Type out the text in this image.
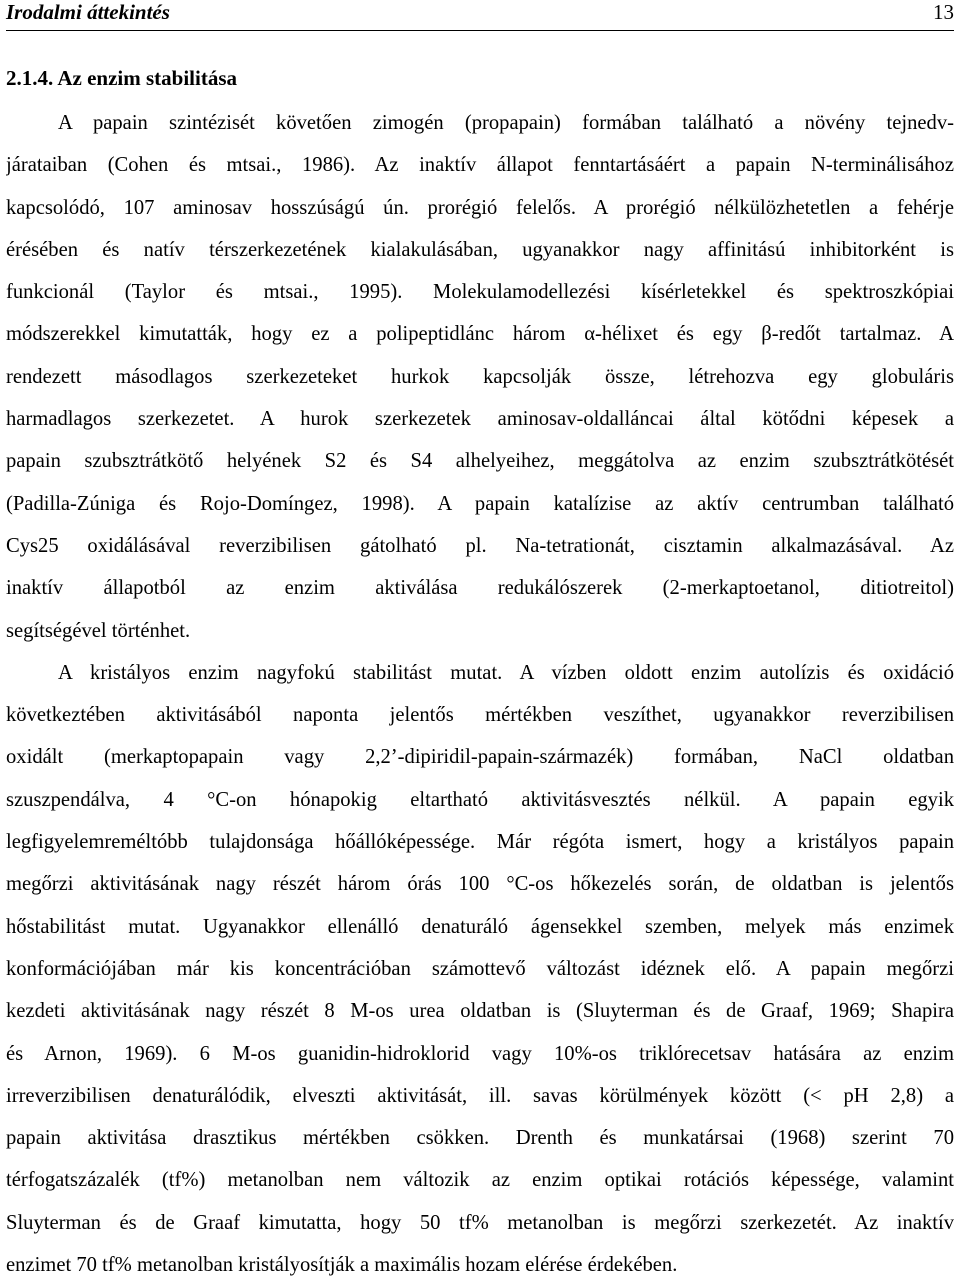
Irodalmi áttekintés	13
2.1.4. Az enzim stabilitása
A papain szintézisét követően zimogén (propapain) formában található a növény tejnedv-
járataiban (Cohen és mtsai., 1986). Az inaktív állapot fenntartásáért a papain N-terminálisához
kapcsolódó, 107 aminosav hosszúságú ún. prorégió felelős. A prorégió nélkülözhetetlen a fehérje
érésében és natív térszerkezetének kialakulásában, ugyanakkor nagy affinitású inhibitorként is
funkcionál (Taylor és mtsai., 1995). Molekulamodellezési kísérletekkel és spektroszkópiai
módszerekkel kimutatták, hogy ez a polipeptidlánc három α-hélixet és egy β-redőt tartalmaz. A
rendezett másodlagos szerkezeteket hurkok kapcsolják össze, létrehozva egy globuláris
harmadlagos szerkezetet. A hurok szerkezetek aminosav-oldalláncai által kötődni képesek a
papain szubsztrátkötő helyének S2 és S4 alhelyeihez, meggátolva az enzim szubsztrátkötését
(Padilla-Zúniga és Rojo-Domíngez, 1998). A papain katalízise az aktív centrumban található
Cys25 oxidálásával reverzibilisen gátolható pl. Na-tetrationát, cisztamin alkalmazásával. Az
inaktív állapotból az enzim aktiválása redukálószerek (2-merkaptoetanol, ditiotreitol)
segítségével történhet.
A kristályos enzim nagyfokú stabilitást mutat. A vízben oldott enzim autolízis és oxidáció
következtében aktivitásából naponta jelentős mértékben veszíthet, ugyanakkor reverzibilisen
oxidált (merkaptopapain vagy 2,2’-dipiridil-papain-származék) formában, NaCl oldatban
szuszpendálva, 4 °C-on hónapokig eltartható aktivitásvesztés nélkül. A papain egyik
legfigyelemreméltóbb tulajdonsága hőállóképessége. Már régóta ismert, hogy a kristályos papain
megőrzi aktivitásának nagy részét három órás 100 °C-os hőkezelés során, de oldatban is jelentős
hőstabilitást mutat. Ugyanakkor ellenálló denaturáló ágensekkel szemben, melyek más enzimek
konformációjában már kis koncentrációban számottevő változást idéznek elő. A papain megőrzi
kezdeti aktivitásának nagy részét 8 M-os urea oldatban is (Sluyterman és de Graaf, 1969; Shapira
és Arnon, 1969). 6 M-os guanidin-hidroklorid vagy 10%-os triklórecetsav hatására az enzim
irreverzibilisen denaturálódik, elveszti aktivitását, ill. savas körülmények között (< pH 2,8) a
papain aktivitása drasztikus mértékben csökken. Drenth és munkatársai (1968) szerint 70
térfogatszázalék (tf%) metanolban nem változik az enzim optikai rotációs képessége, valamint
Sluyterman és de Graaf kimutatta, hogy 50 tf% metanolban is megőrzi szerkezetét. Az inaktív
enzimet 70 tf% metanolban kristályosítják a maximális hozam elérése érdekében.
